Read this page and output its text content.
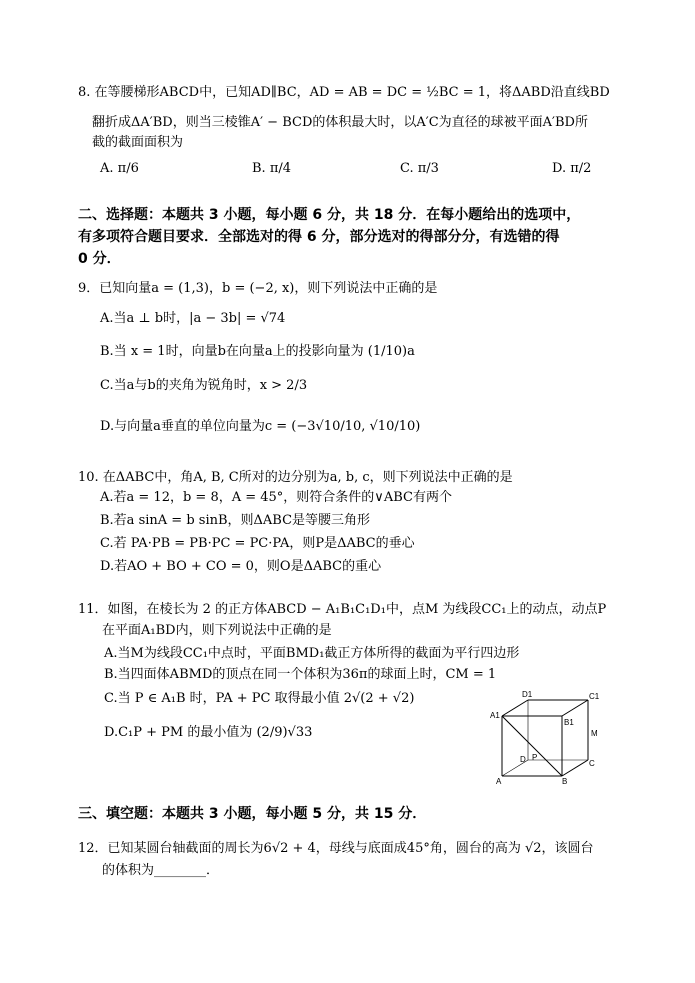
8. 在等腰梯形ABCD中，已知AD∥BC，AD = AB = DC = ½BC = 1，将ΔABD沿直线BD
翻折成ΔA′BD，则当三棱锥A′ − BCD的体积最大时，以A′C为直径的球被平面A′BD所
截的截面面积为
A. π/6	B. π/4	C. π/3	D. π/2
二、选择题：本题共 3 小题，每小题 6 分，共 18 分．在每小题给出的选项中，
有多项符合题目要求．全部选对的得 6 分，部分选对的得部分分，有选错的得
0 分．
9．已知向量a = (1,3)，b = (−2, x)，则下列说法中正确的是
A.当a ⊥ b时，|a − 3b| = √74
B.当 x = 1时，向量b在向量a上的投影向量为 (1/10)a
C.当a与b的夹角为锐角时，x > 2/3
D.与向量a垂直的单位向量为c = (−3√10/10, √10/10)
10. 在ΔABC中，角A, B, C所对的边分别为a, b, c，则下列说法中正确的是
A.若a = 12，b = 8，A = 45°，则符合条件的∨ABC有两个
B.若a sinA = b sinB，则ΔABC是等腰三角形
C.若 PA·PB = PB·PC = PC·PA，则P是ΔABC的垂心
D.若AO + BO + CO = 0，则O是ΔABC的重心
11．如图，在棱长为 2 的正方体ABCD − A₁B₁C₁D₁中，点M 为线段CC₁上的动点，动点P
在平面A₁BD内，则下列说法中正确的是
A.当M为线段CC₁中点时，平面BMD₁截正方体所得的截面为平行四边形
B.当四面体ABMD的顶点在同一个体积为36π的球面上时，CM = 1
C.当 P ∈ A₁B 时，PA + PC 取得最小值 2√(2 + √2)
D.C₁P + PM 的最小值为 (2/9)√33
D1	C1
A1
B1
M
D P
C
A	B
三、填空题：本题共 3 小题，每小题 5 分，共 15 分．
12．已知某圆台轴截面的周长为6√2 + 4，母线与底面成45°角，圆台的高为 √2，该圆台
的体积为________．
